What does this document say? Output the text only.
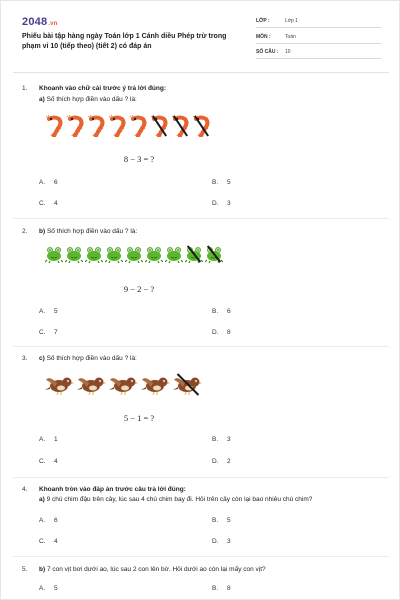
2048.vn
Phiếu bài tập hàng ngày Toán lớp 1 Cánh diều Phép trừ trong phạm vi 10 (tiếp theo) (tiết 2) có đáp án
LỚP :	Lớp 1
MÔN :	Toán
SỐ CÂU : 10
1. Khoanh vào chữ cái trước ý trả lời đúng:
a) Số thích hợp điền vào dấu ? là:
8 − 3 = ?
A. 6	B. 5
C. 4	D. 3
2. b) Số thích hợp điền vào dấu ? là:
9 − 2 − ?
A. 5	B. 6
C. 7	D. 8
3. c) Số thích hợp điền vào dấu ? là:
5 − 1 = ?
A. 1	B. 3
C. 4	D. 2
4. Khoanh tròn vào đáp án trước câu trả lời đúng:
a) 9 chú chim đậu trên cây, lúc sau 4 chú chim bay đi. Hỏi trên cây còn lại bao nhiêu chú chim?
A. 6	B. 5
C. 4	D. 3
5. b) 7 con vịt bơi dưới ao, lúc sau 2 con lên bờ. Hỏi dưới ao còn lại mấy con vịt?
A. 5	B. 8
